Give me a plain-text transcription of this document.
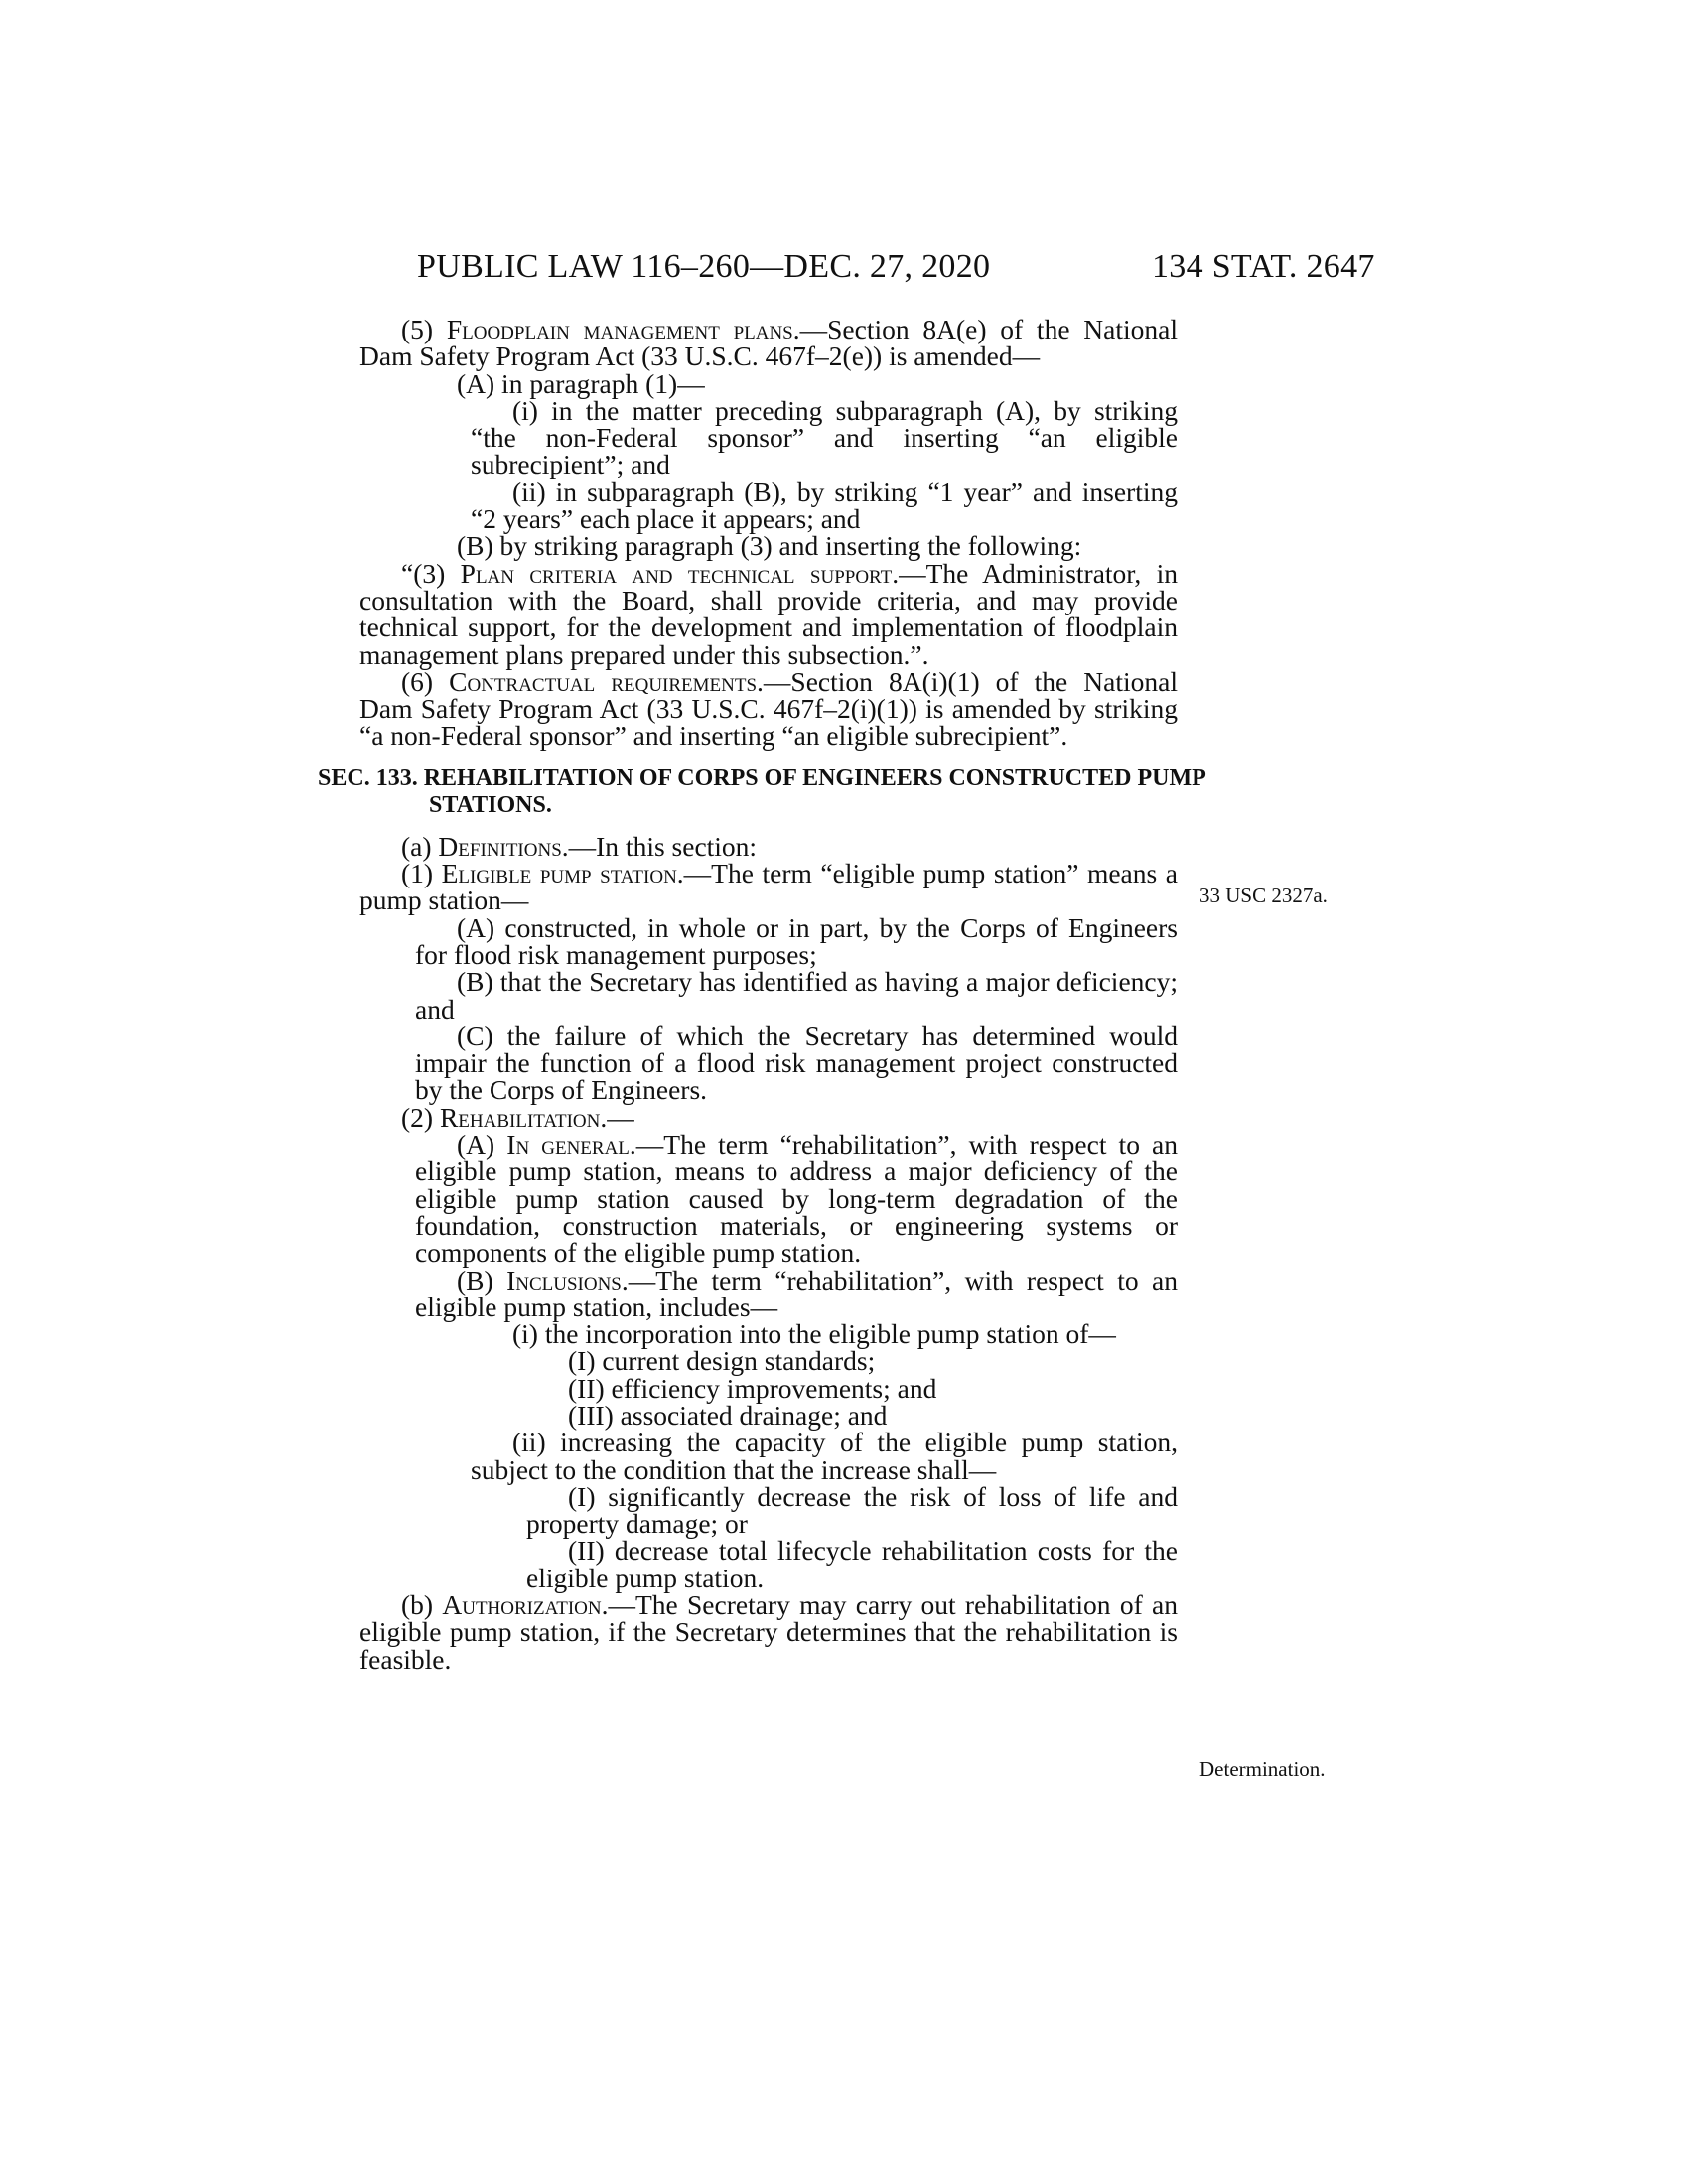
PUBLIC LAW 116–260—DEC. 27, 2020	134 STAT. 2647
33 USC 2327a.
Determination.

(5) Floodplain management plans.—Section 8A(e) of the National Dam Safety Program Act (33 U.S.C. 467f–2(e)) is amended—

(A) in paragraph (1)—

(i) in the matter preceding subparagraph (A), by striking “the non-Federal sponsor” and inserting “an eligible subrecipient”; and

(ii) in subparagraph (B), by striking “1 year” and inserting “2 years” each place it appears; and

(B) by striking paragraph (3) and inserting the following:

“(3) Plan criteria and technical support.—The Administrator, in consultation with the Board, shall provide criteria, and may provide technical support, for the development and implementation of floodplain management plans prepared under this subsection.”.

(6) Contractual requirements.—Section 8A(i)(1) of the National Dam Safety Program Act (33 U.S.C. 467f–2(i)(1)) is amended by striking “a non-Federal sponsor” and inserting “an eligible subrecipient”.

SEC. 133. REHABILITATION OF CORPS OF ENGINEERS CONSTRUCTED PUMP STATIONS.

(a) Definitions.—In this section:

(1) Eligible pump station.—The term “eligible pump station” means a pump station—

(A) constructed, in whole or in part, by the Corps of Engineers for flood risk management purposes;

(B) that the Secretary has identified as having a major deficiency; and

(C) the failure of which the Secretary has determined would impair the function of a flood risk management project constructed by the Corps of Engineers.

(2) Rehabilitation.—

(A) In general.—The term “rehabilitation”, with respect to an eligible pump station, means to address a major deficiency of the eligible pump station caused by long-term degradation of the foundation, construction materials, or engineering systems or components of the eligible pump station.

(B) Inclusions.—The term “rehabilitation”, with respect to an eligible pump station, includes—

(i) the incorporation into the eligible pump station of—

(I) current design standards;

(II) efficiency improvements; and

(III) associated drainage; and

(ii) increasing the capacity of the eligible pump station, subject to the condition that the increase shall—

(I) significantly decrease the risk of loss of life and property damage; or

(II) decrease total lifecycle rehabilitation costs for the eligible pump station.

(b) Authorization.—The Secretary may carry out rehabilitation of an eligible pump station, if the Secretary determines that the rehabilitation is feasible.
